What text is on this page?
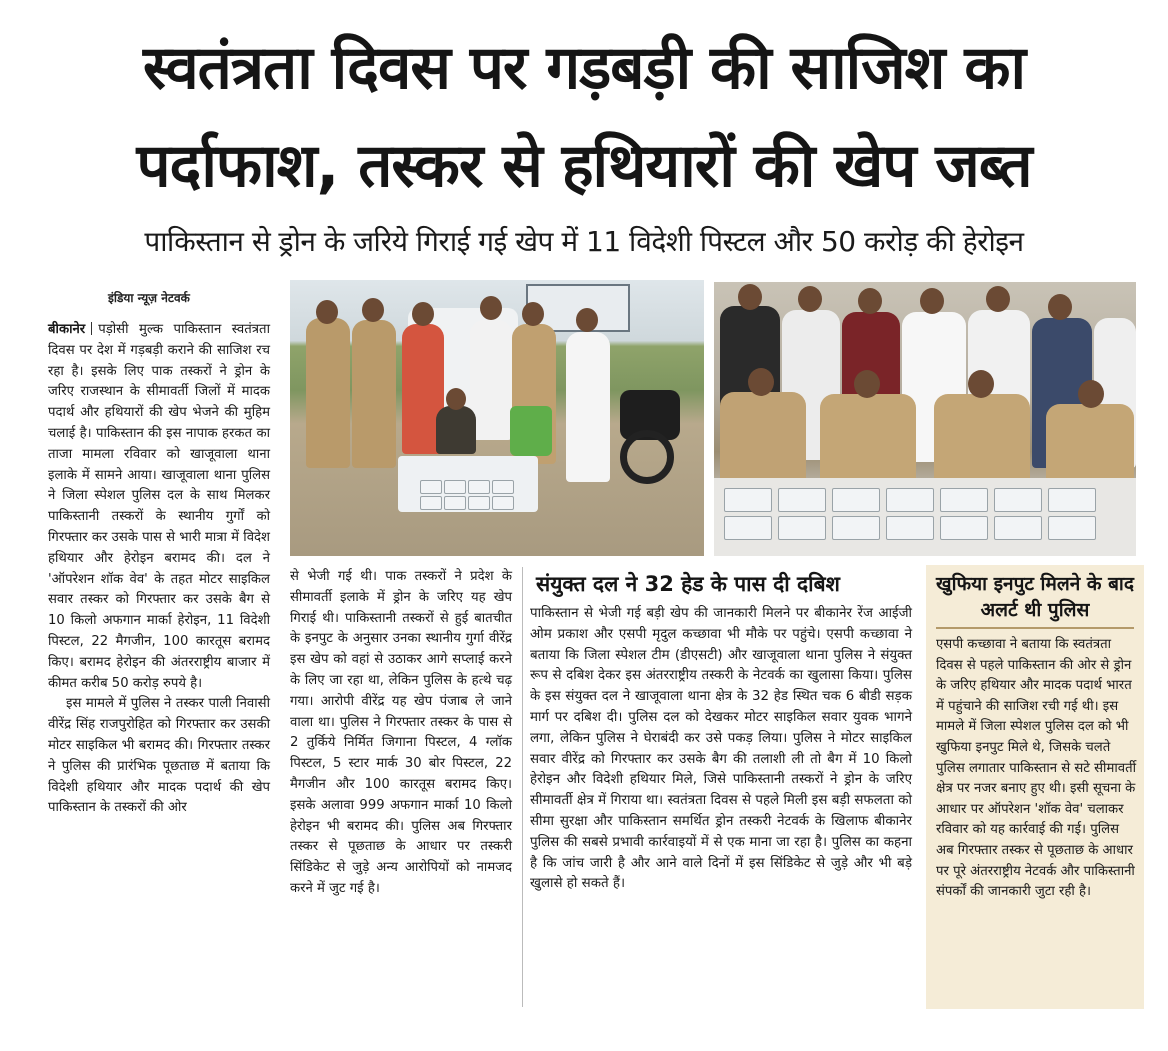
स्वतंत्रता दिवस पर गड़बड़ी की साजिश का
पर्दाफाश, तस्कर से हथियारों की खेप जब्त
पाकिस्तान से ड्रोन के जरिये गिराई गई खेप में 11 विदेशी पिस्टल और 50 करोड़ की हेरोइन
इंडिया न्यूज़ नेटवर्क

बीकानेर पड़ोसी मुल्क पाकिस्तान स्वतंत्रता दिवस पर देश में गड़बड़ी कराने की साजिश रच रहा है। इसके लिए पाक तस्करों ने ड्रोन के जरिए राजस्थान के सीमावर्ती जिलों में मादक पदार्थ और हथियारों की खेप भेजने की मुहिम चलाई है। पाकिस्तान की इस नापाक हरकत का ताजा मामला रविवार को खाजूवाला थाना इलाके में सामने आया। खाजूवाला थाना पुलिस ने जिला स्पेशल पुलिस दल के साथ मिलकर पाकिस्तानी तस्करों के स्थानीय गुर्गों को गिरफ्तार कर उसके पास से भारी मात्रा में विदेश हथियार और हेरोइन बरामद की। दल ने 'ऑपरेशन शॉक वेव' के तहत मोटर साइकिल सवार तस्कर को गिरफ्तार कर उसके बैग से 10 किलो अफगान मार्का हेरोइन, 11 विदेशी पिस्टल, 22 मैगजीन, 100 कारतूस बरामद किए। बरामद हेरोइन की अंतरराष्ट्रीय बाजार में कीमत करीब 50 करोड़ रुपये है।

इस मामले में पुलिस ने तस्कर पाली निवासी वीरेंद्र सिंह राजपुरोहित को गिरफ्तार कर उसकी मोटर साइकिल भी बरामद की। गिरफ्तार तस्कर ने पुलिस की प्रारंभिक पूछताछ में बताया कि विदेशी हथियार और मादक पदार्थ की खेप पाकिस्तान के तस्करों की ओर

से भेजी गई थी। पाक तस्करों ने प्रदेश के सीमावर्ती इलाके में ड्रोन के जरिए यह खेप गिराई थी। पाकिस्तानी तस्करों से हुई बातचीत के इनपुट के अनुसार उनका स्थानीय गुर्गा वीरेंद्र इस खेप को वहां से उठाकर आगे सप्लाई करने के लिए जा रहा था, लेकिन पुलिस के हत्थे चढ़ गया। आरोपी वीरेंद्र यह खेप पंजाब ले जाने वाला था। पुलिस ने गिरफ्तार तस्कर के पास से 2 तुर्किये निर्मित जिगाना पिस्टल, 4 ग्लॉक पिस्टल, 5 स्टार मार्क 30 बोर पिस्टल, 22 मैगजीन और 100 कारतूस बरामद किए। इसके अलावा 999 अफगान मार्का 10 किलो हेरोइन भी बरामद की। पुलिस अब गिरफ्तार तस्कर से पूछताछ के आधार पर तस्करी सिंडिकेट से जुड़े अन्य आरोपियों को नामजद करने में जुट गई है।

संयुक्त दल ने 32 हेड के पास दी दबिश

पाकिस्तान से भेजी गई बड़ी खेप की जानकारी मिलने पर बीकानेर रेंज आईजी ओम प्रकाश और एसपी मृदुल कच्छावा भी मौके पर पहुंचे। एसपी कच्छावा ने बताया कि जिला स्पेशल टीम (डीएसटी) और खाजूवाला थाना पुलिस ने संयुक्त रूप से दबिश देकर इस अंतरराष्ट्रीय तस्करी के नेटवर्क का खुलासा किया। पुलिस के इस संयुक्त दल ने खाजूवाला थाना क्षेत्र के 32 हेड स्थित चक 6 बीडी सड़क मार्ग पर दबिश दी। पुलिस दल को देखकर मोटर साइकिल सवार युवक भागने लगा, लेकिन पुलिस ने घेराबंदी कर उसे पकड़ लिया। पुलिस ने मोटर साइकिल सवार वीरेंद्र को गिरफ्तार कर उसके बैग की तलाशी ली तो बैग में 10 किलो हेरोइन और विदेशी हथियार मिले, जिसे पाकिस्तानी तस्करों ने ड्रोन के जरिए सीमावर्ती क्षेत्र में गिराया था। स्वतंत्रता दिवस से पहले मिली इस बड़ी सफलता को सीमा सुरक्षा और पाकिस्तान समर्थित ड्रोन तस्करी नेटवर्क के खिलाफ बीकानेर पुलिस की सबसे प्रभावी कार्रवाइयों में से एक माना जा रहा है। पुलिस का कहना है कि जांच जारी है और आने वाले दिनों में इस सिंडिकेट से जुड़े और भी बड़े खुलासे हो सकते हैं।

खुफिया इनपुट मिलने के बाद अलर्ट थी पुलिस
एसपी कच्छावा ने बताया कि स्वतंत्रता दिवस से पहले पाकिस्तान की ओर से ड्रोन के जरिए हथियार और मादक पदार्थ भारत में पहुंचाने की साजिश रची गई थी। इस मामले में जिला स्पेशल पुलिस दल को भी खुफिया इनपुट मिले थे, जिसके चलते पुलिस लगातार पाकिस्तान से सटे सीमावर्ती क्षेत्र पर नजर बनाए हुए थी। इसी सूचना के आधार पर ऑपरेशन 'शॉक वेव' चलाकर रविवार को यह कार्रवाई की गई। पुलिस अब गिरफ्तार तस्कर से पूछताछ के आधार पर पूरे अंतरराष्ट्रीय नेटवर्क और पाकिस्तानी संपर्कों की जानकारी जुटा रही है।
